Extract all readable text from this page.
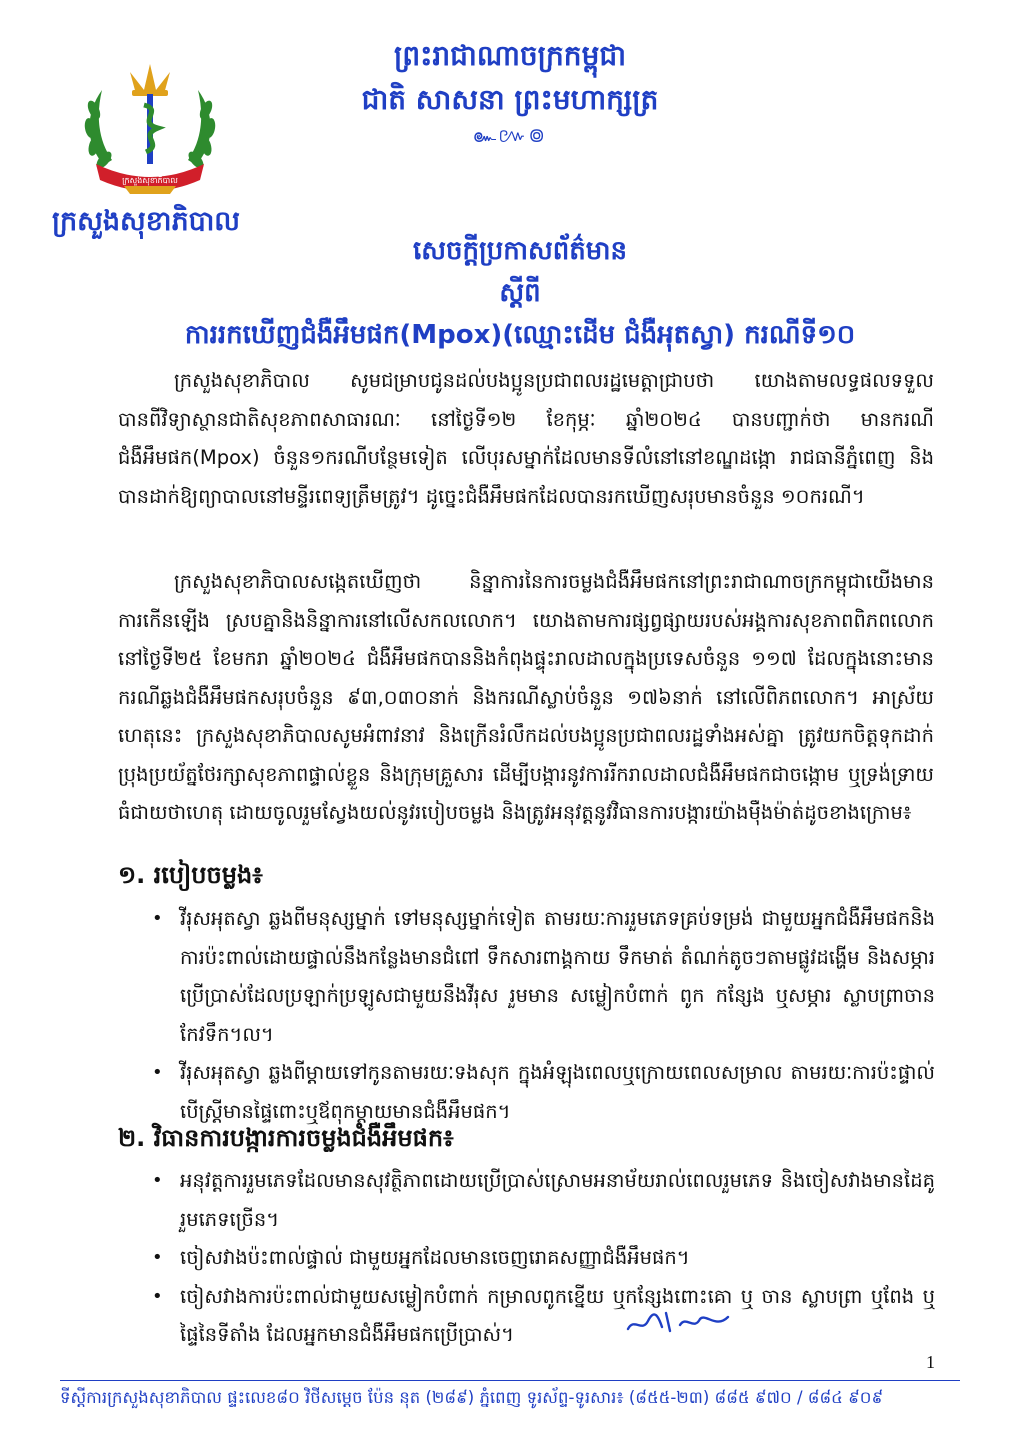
ព្រះរាជាណាចក្រកម្ពុជា
ជាតិ សាសនា ព្រះមហាក្សត្រ
๛៚៙
ក្រសួងសុខាភិបាល
ក្រសួងសុខាភិបាល
សេចក្តីប្រកាសព័ត៌មាន
ស្តីពី
ការរកឃើញជំងឺអឹមផក(Mpox)(ឈ្មោះដើម ជំងឺអុតស្វា) ករណីទី១០
ក្រសួងសុខាភិបាល សូមជម្រាបជូនដល់បងប្អូនប្រជាពលរដ្ឋមេត្តាជ្រាបថា យោងតាមលទ្ធផលទទួលបានពីវិទ្យាស្ថានជាតិសុខភាពសាធារណៈ នៅថ្ងៃទី១២ ខែកុម្ភៈ ឆ្នាំ២០២៤ បានបញ្ជាក់ថា មានករណីជំងឺអឹមផក(Mpox) ចំនួន១ករណីបន្ថែមទៀត លើបុរសម្នាក់ដែលមានទីលំនៅនៅខណ្ឌដង្កោ រាជធានីភ្នំពេញ និងបានដាក់ឱ្យព្យាបាលនៅមន្ទីរពេទ្យត្រឹមត្រូវ។ ដូច្នេះជំងឺអឹមផកដែលបានរកឃើញសរុបមានចំនួន ១០ករណី។
ក្រសួងសុខាភិបាលសង្កេតឃើញថា និន្នាការនៃការចម្លងជំងឺអឹមផកនៅព្រះរាជាណាចក្រកម្ពុជាយើងមានការកើនឡើង ស្របគ្នានិងនិន្នាការនៅលើសកលលោក។ យោងតាមការផ្សព្វផ្សាយរបស់អង្គការសុខភាពពិភពលោក នៅថ្ងៃទី២៥ ខែមករា ឆ្នាំ២០២៤ ជំងឺអឹមផកបាននិងកំពុងផ្ទុះរាលដាលក្នុងប្រទេសចំនួន ១១៧ ដែលក្នុងនោះមានករណីឆ្លងជំងឺអឹមផកសរុបចំនួន ៩៣,០៣០នាក់ និងករណីស្លាប់ចំនួន ១៧៦នាក់ នៅលើពិភពលោក។ អាស្រ័យហេតុនេះ ក្រសួងសុខាភិបាលសូមអំពាវនាវ និងក្រើនរំលឹកដល់បងប្អូនប្រជាពលរដ្ឋទាំងអស់គ្នា ត្រូវយកចិត្តទុកដាក់ប្រុងប្រយ័ត្នថែរក្សាសុខភាពផ្ទាល់ខ្លួន និងក្រុមគ្រួសារ ដើម្បីបង្ការនូវការរីករាលដាលជំងឺអឹមផកជាចង្កោម ឬទ្រង់ទ្រាយធំជាយថាហេតុ ដោយចូលរួមស្វែងយល់នូវរបៀបចម្លង និងត្រូវអនុវត្តនូវវិធានការបង្ការយ៉ាងម៉ឺងម៉ាត់ដូចខាងក្រោម៖
១. របៀបចម្លង៖
• វីរុសអុតស្វា ឆ្លងពីមនុស្សម្នាក់ ទៅមនុស្សម្នាក់ទៀត តាមរយៈការរួមភេទគ្រប់ទម្រង់ ជាមួយអ្នកជំងឺអឹមផកនិងការប៉ះពាល់ដោយផ្ទាល់នឹងកន្លែងមានជំពៅ ទឹកសារពាង្គកាយ ទឹកមាត់ តំណក់តូចៗតាមផ្លូវដង្ហើម និងសម្ភារប្រើប្រាស់ដែលប្រឡាក់ប្រឡូសជាមួយនឹងវីរុស រួមមាន សម្លៀកបំពាក់ ពូក កន្សែង ឬសម្ភារ ស្លាបព្រាចាន កែវទឹក។ល។
• វីរុសអុតស្វា ឆ្លងពីម្តាយទៅកូនតាមរយៈទងសុក ក្នុងអំឡុងពេលឬក្រោយពេលសម្រាល តាមរយៈការប៉ះផ្ទាល់ បើស្ត្រីមានផ្ទៃពោះឬឪពុកម្តាយមានជំងឺអឹមផក។
២. វិធានការបង្ការការចម្លងជំងឺអឹមផក៖
• អនុវត្តការរួមភេទដែលមានសុវត្ថិភាពដោយប្រើប្រាស់ស្រោមអនាម័យរាល់ពេលរួមភេទ និងចៀសវាងមានដៃគូរួមភេទច្រើន។
• ចៀសវាងប៉ះពាល់ផ្ទាល់ ជាមួយអ្នកដែលមានចេញរោគសញ្ញាជំងឺអឹមផក។
• ចៀសវាងការប៉ះពាល់ជាមួយសម្លៀកបំពាក់ កម្រាលពូកខ្នើយ ឬកន្សែងពោះគោ ឬ ចាន ស្លាបព្រា ឬពែង ឬផ្ទៃនៃទីតាំង ដែលអ្នកមានជំងឺអឹមផកប្រើប្រាស់។
1
ទីស្តីការក្រសួងសុខាភិបាល ផ្ទះលេខ៨០ វិថីសម្តេច ប៉ែន នុត (២៨៩) ភ្នំពេញ ទូរស័ព្ទ-ទូរសារ៖ (៨៥៥-២៣) ៨៨៥ ៩៧០ / ៨៨៤ ៩០៩
